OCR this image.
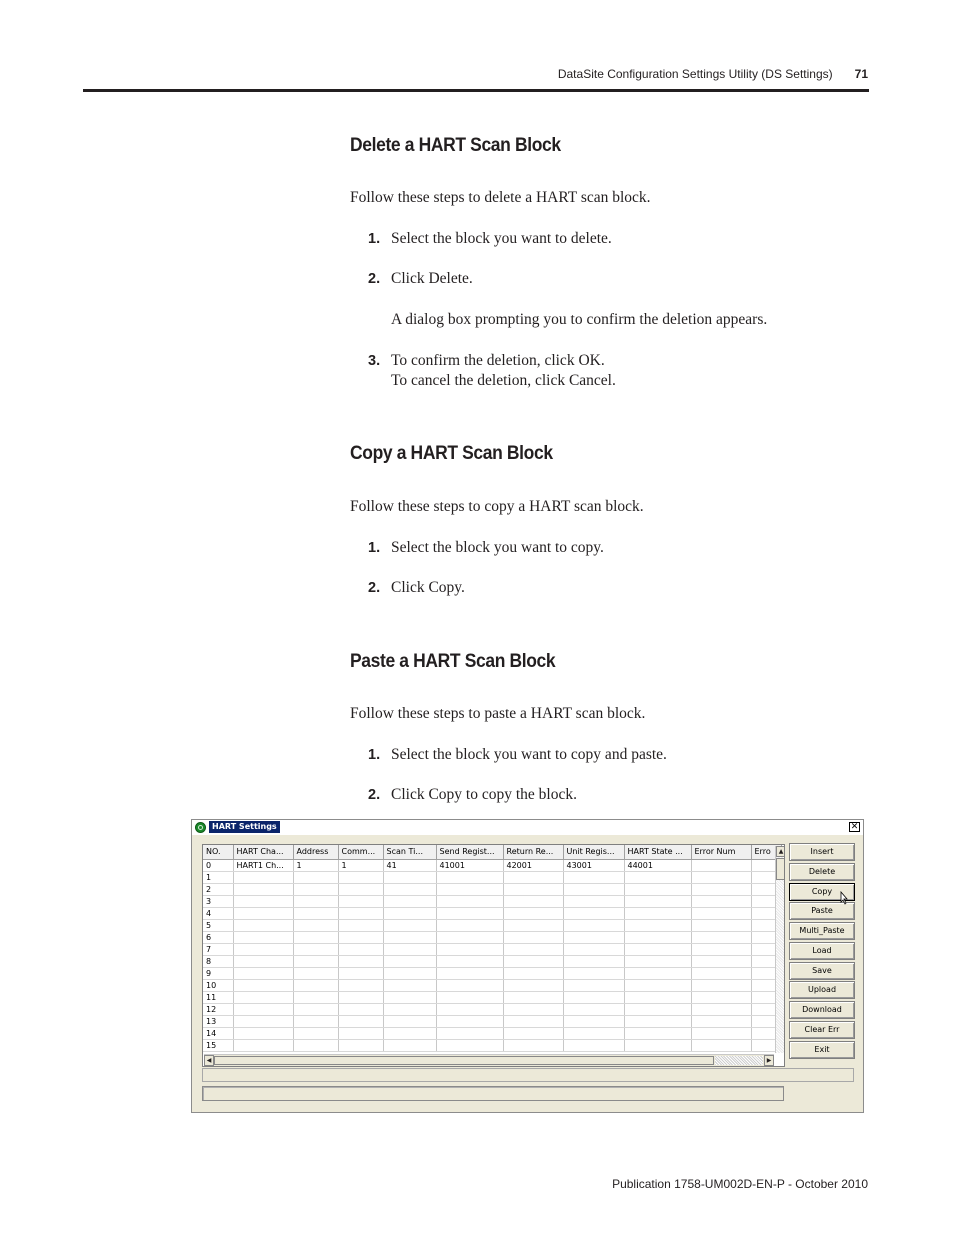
DataSite Configuration Settings Utility (DS Settings) 71
Delete a HART Scan Block

Follow these steps to delete a HART scan block.

1. Select the block you want to delete.
2. Click Delete.

A dialog box prompting you to confirm the deletion appears.

3. To confirm the deletion, click OK.
To cancel the deletion, click Cancel.
Copy a HART Scan Block

Follow these steps to copy a HART scan block.

1. Select the block you want to copy.
2. Click Copy.
Paste a HART Scan Block

Follow these steps to paste a HART scan block.

1. Select the block you want to copy and paste.
2. Click Copy to copy the block.
HART Settings	✕
NO.	HART Cha...	Address	Comm...	Scan Ti...	Send Regist...	Return Re...	Unit Regis...	HART State ...	Error Num	Erro
0	HART1 Ch...	1	1	41	41001	42001	43001	44001		
1										
2										
3										
4										
5										
6										
7										
8										
9										
10										
11										
12										
13										
14										
15										
▲
◀	▶
Insert
Delete
Copy
Paste
Multi_Paste
Load
Save
Upload
Download
Clear Err
Exit
Publication 1758-UM002D-EN-P - October 2010
